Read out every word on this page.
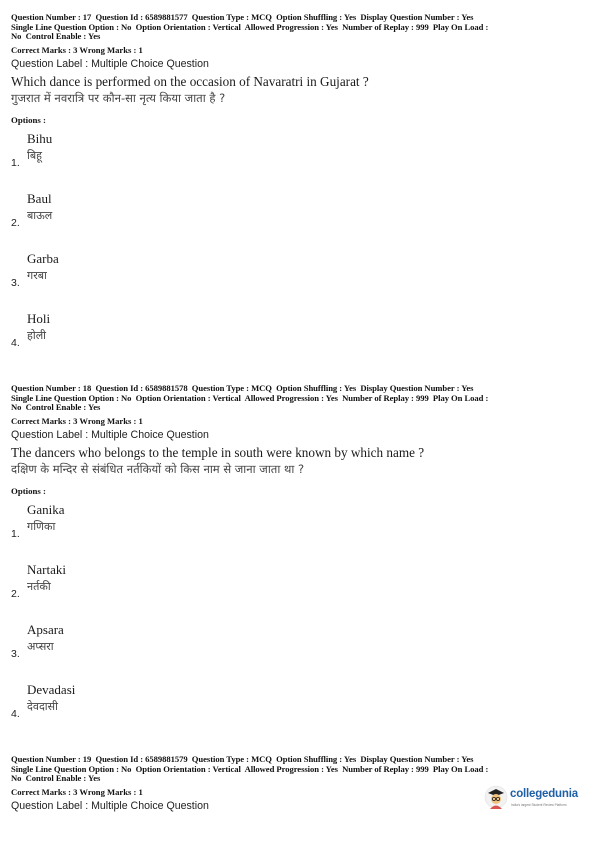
Question Number : 17  Question Id : 6589881577  Question Type : MCQ  Option Shuffling : Yes  Display Question Number : Yes
Single Line Question Option : No  Option Orientation : Vertical  Allowed Progression : Yes  Number of Replay : 999  Play On Load :
No  Control Enable : Yes
Correct Marks : 3 Wrong Marks : 1
Question Label : Multiple Choice Question
Which dance is performed on the occasion of Navaratri in Gujarat ?
गुजरात में नवरात्रि पर कौन-सा नृत्य किया जाता है ?
Options :
Bihu
बिहू
1.
Baul
बाऊल
2.
Garba
गरबा
3.
Holi
होली
4.
Question Number : 18  Question Id : 6589881578  Question Type : MCQ  Option Shuffling : Yes  Display Question Number : Yes
Single Line Question Option : No  Option Orientation : Vertical  Allowed Progression : Yes  Number of Replay : 999  Play On Load :
No  Control Enable : Yes
Correct Marks : 3 Wrong Marks : 1
Question Label : Multiple Choice Question
The dancers who belongs to the temple in south were known by which name ?
दक्षिण के मन्दिर से संबंधित नर्तकियों को किस नाम से जाना जाता था ?
Options :
Ganika
गणिका
1.
Nartaki
नर्तकी
2.
Apsara
अप्सरा
3.
Devadasi
देवदासी
4.
Question Number : 19  Question Id : 6589881579  Question Type : MCQ  Option Shuffling : Yes  Display Question Number : Yes
Single Line Question Option : No  Option Orientation : Vertical  Allowed Progression : Yes  Number of Replay : 999  Play On Load :
No  Control Enable : Yes
Correct Marks : 3 Wrong Marks : 1
Question Label : Multiple Choice Question
collegedunia
India's largest Student Review Platform
